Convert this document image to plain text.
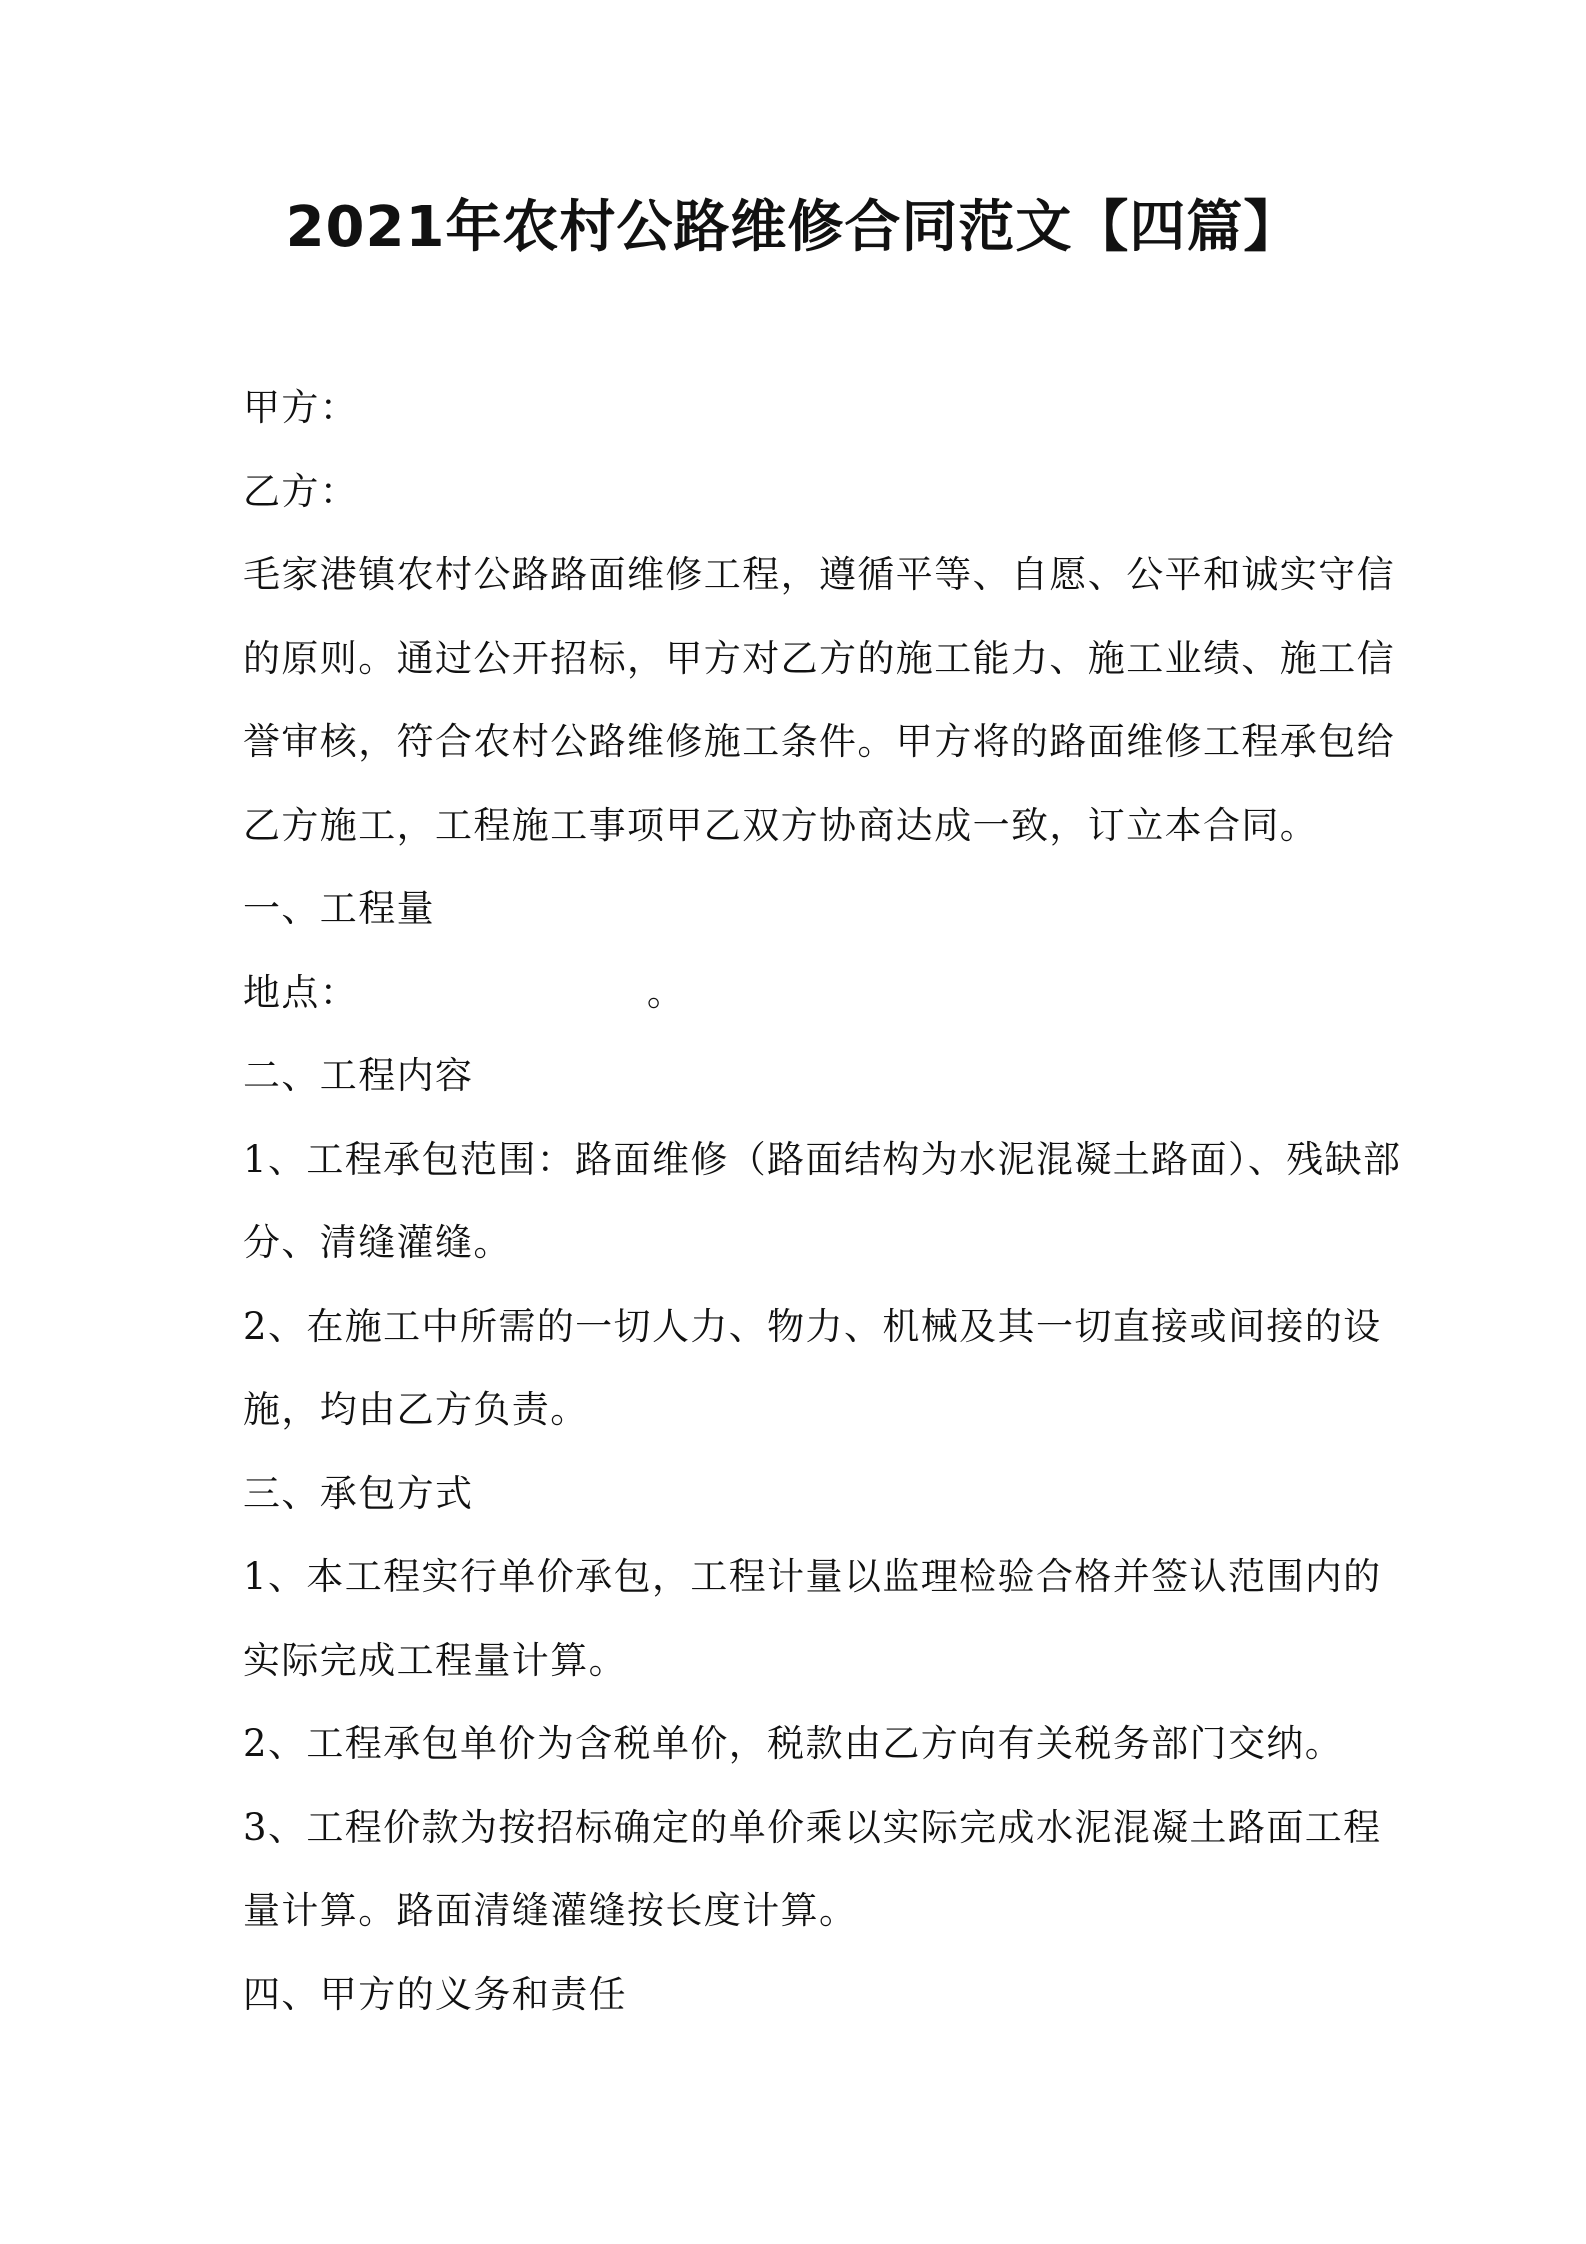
2021年农村公路维修合同范文【四篇】

甲方：

乙方：

毛家港镇农村公路路面维修工程，遵循平等、自愿、公平和诚实守信

的原则。通过公开招标，甲方对乙方的施工能力、施工业绩、施工信

誉审核，符合农村公路维修施工条件。甲方将的路面维修工程承包给

乙方施工，工程施工事项甲乙双方协商达成一致，订立本合同。

一、工程量

地点：　　　　　　　　。

二、工程内容

1、工程承包范围：路面维修（路面结构为水泥混凝土路面）、残缺部

分、清缝灌缝。

2、在施工中所需的一切人力、物力、机械及其一切直接或间接的设

施，均由乙方负责。

三、承包方式

1、本工程实行单价承包，工程计量以监理检验合格并签认范围内的

实际完成工程量计算。

2、工程承包单价为含税单价，税款由乙方向有关税务部门交纳。

3、工程价款为按招标确定的单价乘以实际完成水泥混凝土路面工程

量计算。路面清缝灌缝按长度计算。

四、甲方的义务和责任
